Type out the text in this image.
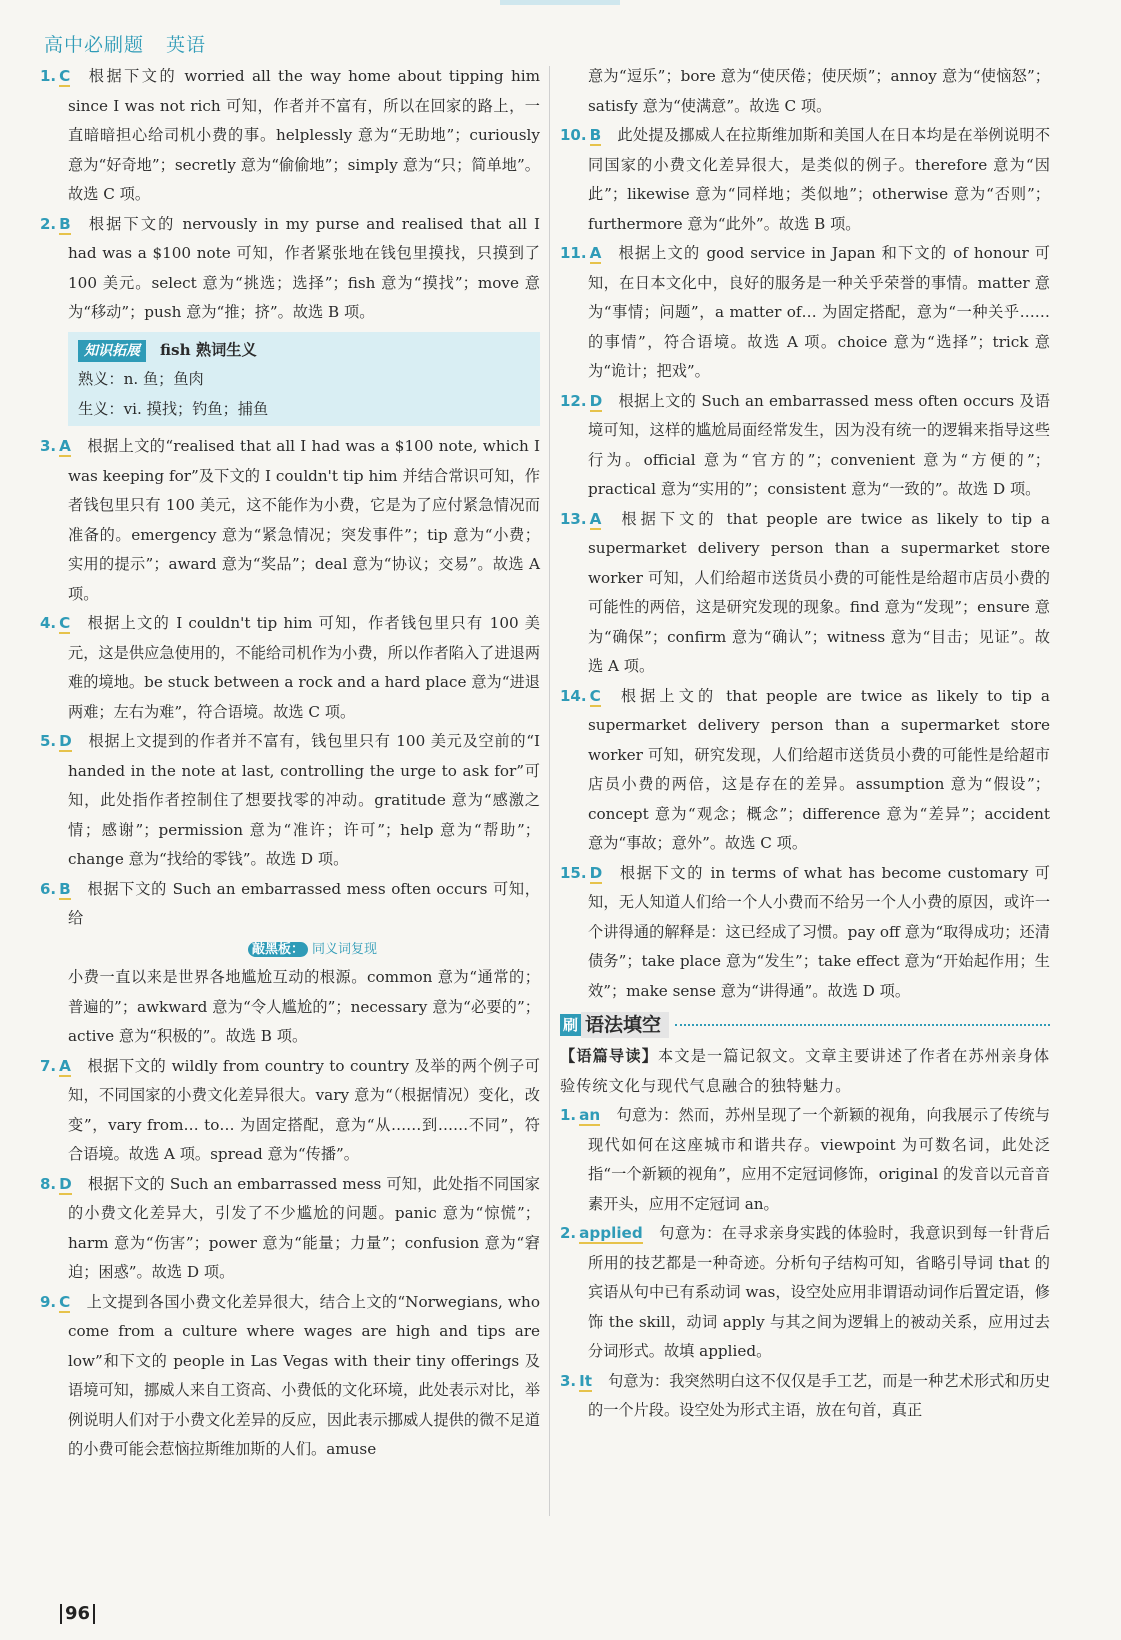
高中必刷题 英语

1. C 根据下文的 worried all the way home about tipping him since I was not rich 可知，作者并不富有，所以在回家的路上，一直暗暗担心给司机小费的事。helplessly 意为“无助地”；curiously 意为“好奇地”；secretly 意为“偷偷地”；simply 意为“只；简单地”。故选 C 项。

2. B 根据下文的 nervously in my purse and realised that all I had was a $100 note 可知，作者紧张地在钱包里摸找，只摸到了 100 美元。select 意为“挑选；选择”；fish 意为“摸找”；move 意为“移动”；push 意为“推；挤”。故选 B 项。

知识拓展 fish 熟词生义
熟义：n. 鱼；鱼肉
生义：vi. 摸找；钓鱼；捕鱼

3. A 根据上文的“realised that all I had was a $100 note, which I was keeping for”及下文的 I couldn't tip him 并结合常识可知，作者钱包里只有 100 美元，这不能作为小费，它是为了应付紧急情况而准备的。emergency 意为“紧急情况；突发事件”；tip 意为“小费；实用的提示”；award 意为“奖品”；deal 意为“协议；交易”。故选 A 项。

4. C 根据上文的 I couldn't tip him 可知，作者钱包里只有 100 美元，这是供应急使用的，不能给司机作为小费，所以作者陷入了进退两难的境地。be stuck between a rock and a hard place 意为“进退两难；左右为难”，符合语境。故选 C 项。

5. D 根据上文提到的作者并不富有，钱包里只有 100 美元及空前的“I handed in the note at last, controlling the urge to ask for”可知，此处指作者控制住了想要找零的冲动。gratitude 意为“感激之情；感谢”；permission 意为“准许；许可”；help 意为“帮助”；change 意为“找给的零钱”。故选 D 项。

6. B 根据下文的 Such an embarrassed mess often occurs 可知，给
敲黑板： 同义词复现
小费一直以来是世界各地尴尬互动的根源。common 意为“通常的；普遍的”；awkward 意为“令人尴尬的”；necessary 意为“必要的”；active 意为“积极的”。故选 B 项。

7. A 根据下文的 wildly from country to country 及举的两个例子可知，不同国家的小费文化差异很大。vary 意为“（根据情况）变化，改变”，vary from… to… 为固定搭配，意为“从……到……不同”，符合语境。故选 A 项。spread 意为“传播”。

8. D 根据下文的 Such an embarrassed mess 可知，此处指不同国家的小费文化差异大，引发了不少尴尬的问题。panic 意为“惊慌”；harm 意为“伤害”；power 意为“能量；力量”；confusion 意为“窘迫；困惑”。故选 D 项。

9. C 上文提到各国小费文化差异很大，结合上文的“Norwegians, who come from a culture where wages are high and tips are low”和下文的 people in Las Vegas with their tiny offerings 及语境可知，挪威人来自工资高、小费低的文化环境，此处表示对比，举例说明人们对于小费文化差异的反应，因此表示挪威人提供的微不足道的小费可能会惹恼拉斯维加斯的人们。amuse

意为“逗乐”；bore 意为“使厌倦；使厌烦”；annoy 意为“使恼怒”；satisfy 意为“使满意”。故选 C 项。

10. B 此处提及挪威人在拉斯维加斯和美国人在日本均是在举例说明不同国家的小费文化差异很大，是类似的例子。therefore 意为“因此”；likewise 意为“同样地；类似地”；otherwise 意为“否则”；furthermore 意为“此外”。故选 B 项。

11. A 根据上文的 good service in Japan 和下文的 of honour 可知，在日本文化中，良好的服务是一种关乎荣誉的事情。matter 意为“事情；问题”，a matter of… 为固定搭配，意为“一种关乎……的事情”，符合语境。故选 A 项。choice 意为“选择”；trick 意为“诡计；把戏”。

12. D 根据上文的 Such an embarrassed mess often occurs 及语境可知，这样的尴尬局面经常发生，因为没有统一的逻辑来指导这些行为。official 意为“官方的”；convenient 意为“方便的”；practical 意为“实用的”；consistent 意为“一致的”。故选 D 项。

13. A 根据下文的 that people are twice as likely to tip a supermarket delivery person than a supermarket store worker 可知，人们给超市送货员小费的可能性是给超市店员小费的可能性的两倍，这是研究发现的现象。find 意为“发现”；ensure 意为“确保”；confirm 意为“确认”；witness 意为“目击；见证”。故选 A 项。

14. C 根据上文的 that people are twice as likely to tip a supermarket delivery person than a supermarket store worker 可知，研究发现，人们给超市送货员小费的可能性是给超市店员小费的两倍，这是存在的差异。assumption 意为“假设”；concept 意为“观念；概念”；difference 意为“差异”；accident 意为“事故；意外”。故选 C 项。

15. D 根据下文的 in terms of what has become customary 可知，无人知道人们给一个人小费而不给另一个人小费的原因，或许一个讲得通的解释是：这已经成了习惯。pay off 意为“取得成功；还清债务”；take place 意为“发生”；take effect 意为“开始起作用；生效”；make sense 意为“讲得通”。故选 D 项。

刷 语法填空

【语篇导读】本文是一篇记叙文。文章主要讲述了作者在苏州亲身体验传统文化与现代气息融合的独特魅力。

1. an 句意为：然而，苏州呈现了一个新颖的视角，向我展示了传统与现代如何在这座城市和谐共存。viewpoint 为可数名词，此处泛指“一个新颖的视角”，应用不定冠词修饰，original 的发音以元音音素开头，应用不定冠词 an。

2. applied 句意为：在寻求亲身实践的体验时，我意识到每一针背后所用的技艺都是一种奇迹。分析句子结构可知，省略引导词 that 的宾语从句中已有系动词 was，设空处应用非谓语动词作后置定语，修饰 the skill，动词 apply 与其之间为逻辑上的被动关系，应用过去分词形式。故填 applied。

3. It 句意为：我突然明白这不仅仅是手工艺，而是一种艺术形式和历史的一个片段。设空处为形式主语，放在句首，真正

96
